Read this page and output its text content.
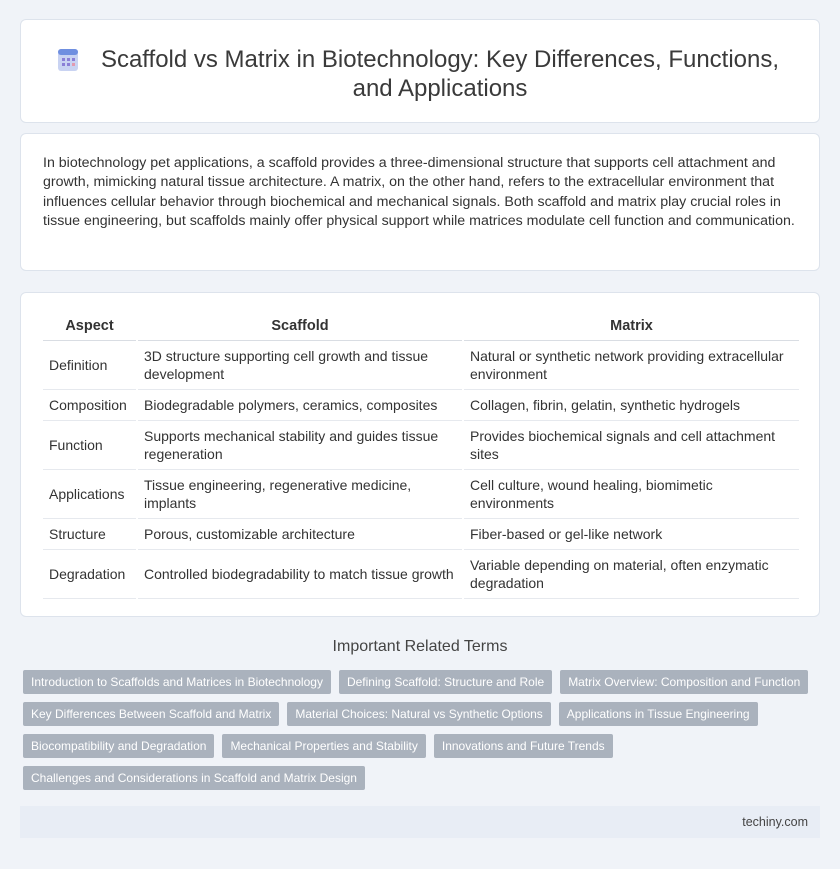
Scaffold vs Matrix in Biotechnology: Key Differences, Functions, and Applications

In biotechnology pet applications, a scaffold provides a three-dimensional structure that supports cell attachment and growth, mimicking natural tissue architecture. A matrix, on the other hand, refers to the extracellular environment that influences cellular behavior through biochemical and mechanical signals. Both scaffold and matrix play crucial roles in tissue engineering, but scaffolds mainly offer physical support while matrices modulate cell function and communication.

Aspect	Scaffold	Matrix
Definition	3D structure supporting cell growth and tissue development	Natural or synthetic network providing extracellular environment
Composition	Biodegradable polymers, ceramics, composites	Collagen, fibrin, gelatin, synthetic hydrogels
Function	Supports mechanical stability and guides tissue regeneration	Provides biochemical signals and cell attachment sites
Applications	Tissue engineering, regenerative medicine, implants	Cell culture, wound healing, biomimetic environments
Structure	Porous, customizable architecture	Fiber-based or gel-like network
Degradation	Controlled biodegradability to match tissue growth	Variable depending on material, often enzymatic degradation
Important Related Terms
Introduction to Scaffolds and Matrices in Biotechnology	Defining Scaffold: Structure and Role	Matrix Overview: Composition and Function
Key Differences Between Scaffold and Matrix	Material Choices: Natural vs Synthetic Options	Applications in Tissue Engineering
Biocompatibility and Degradation	Mechanical Properties and Stability	Innovations and Future Trends
Challenges and Considerations in Scaffold and Matrix Design
techiny.com
